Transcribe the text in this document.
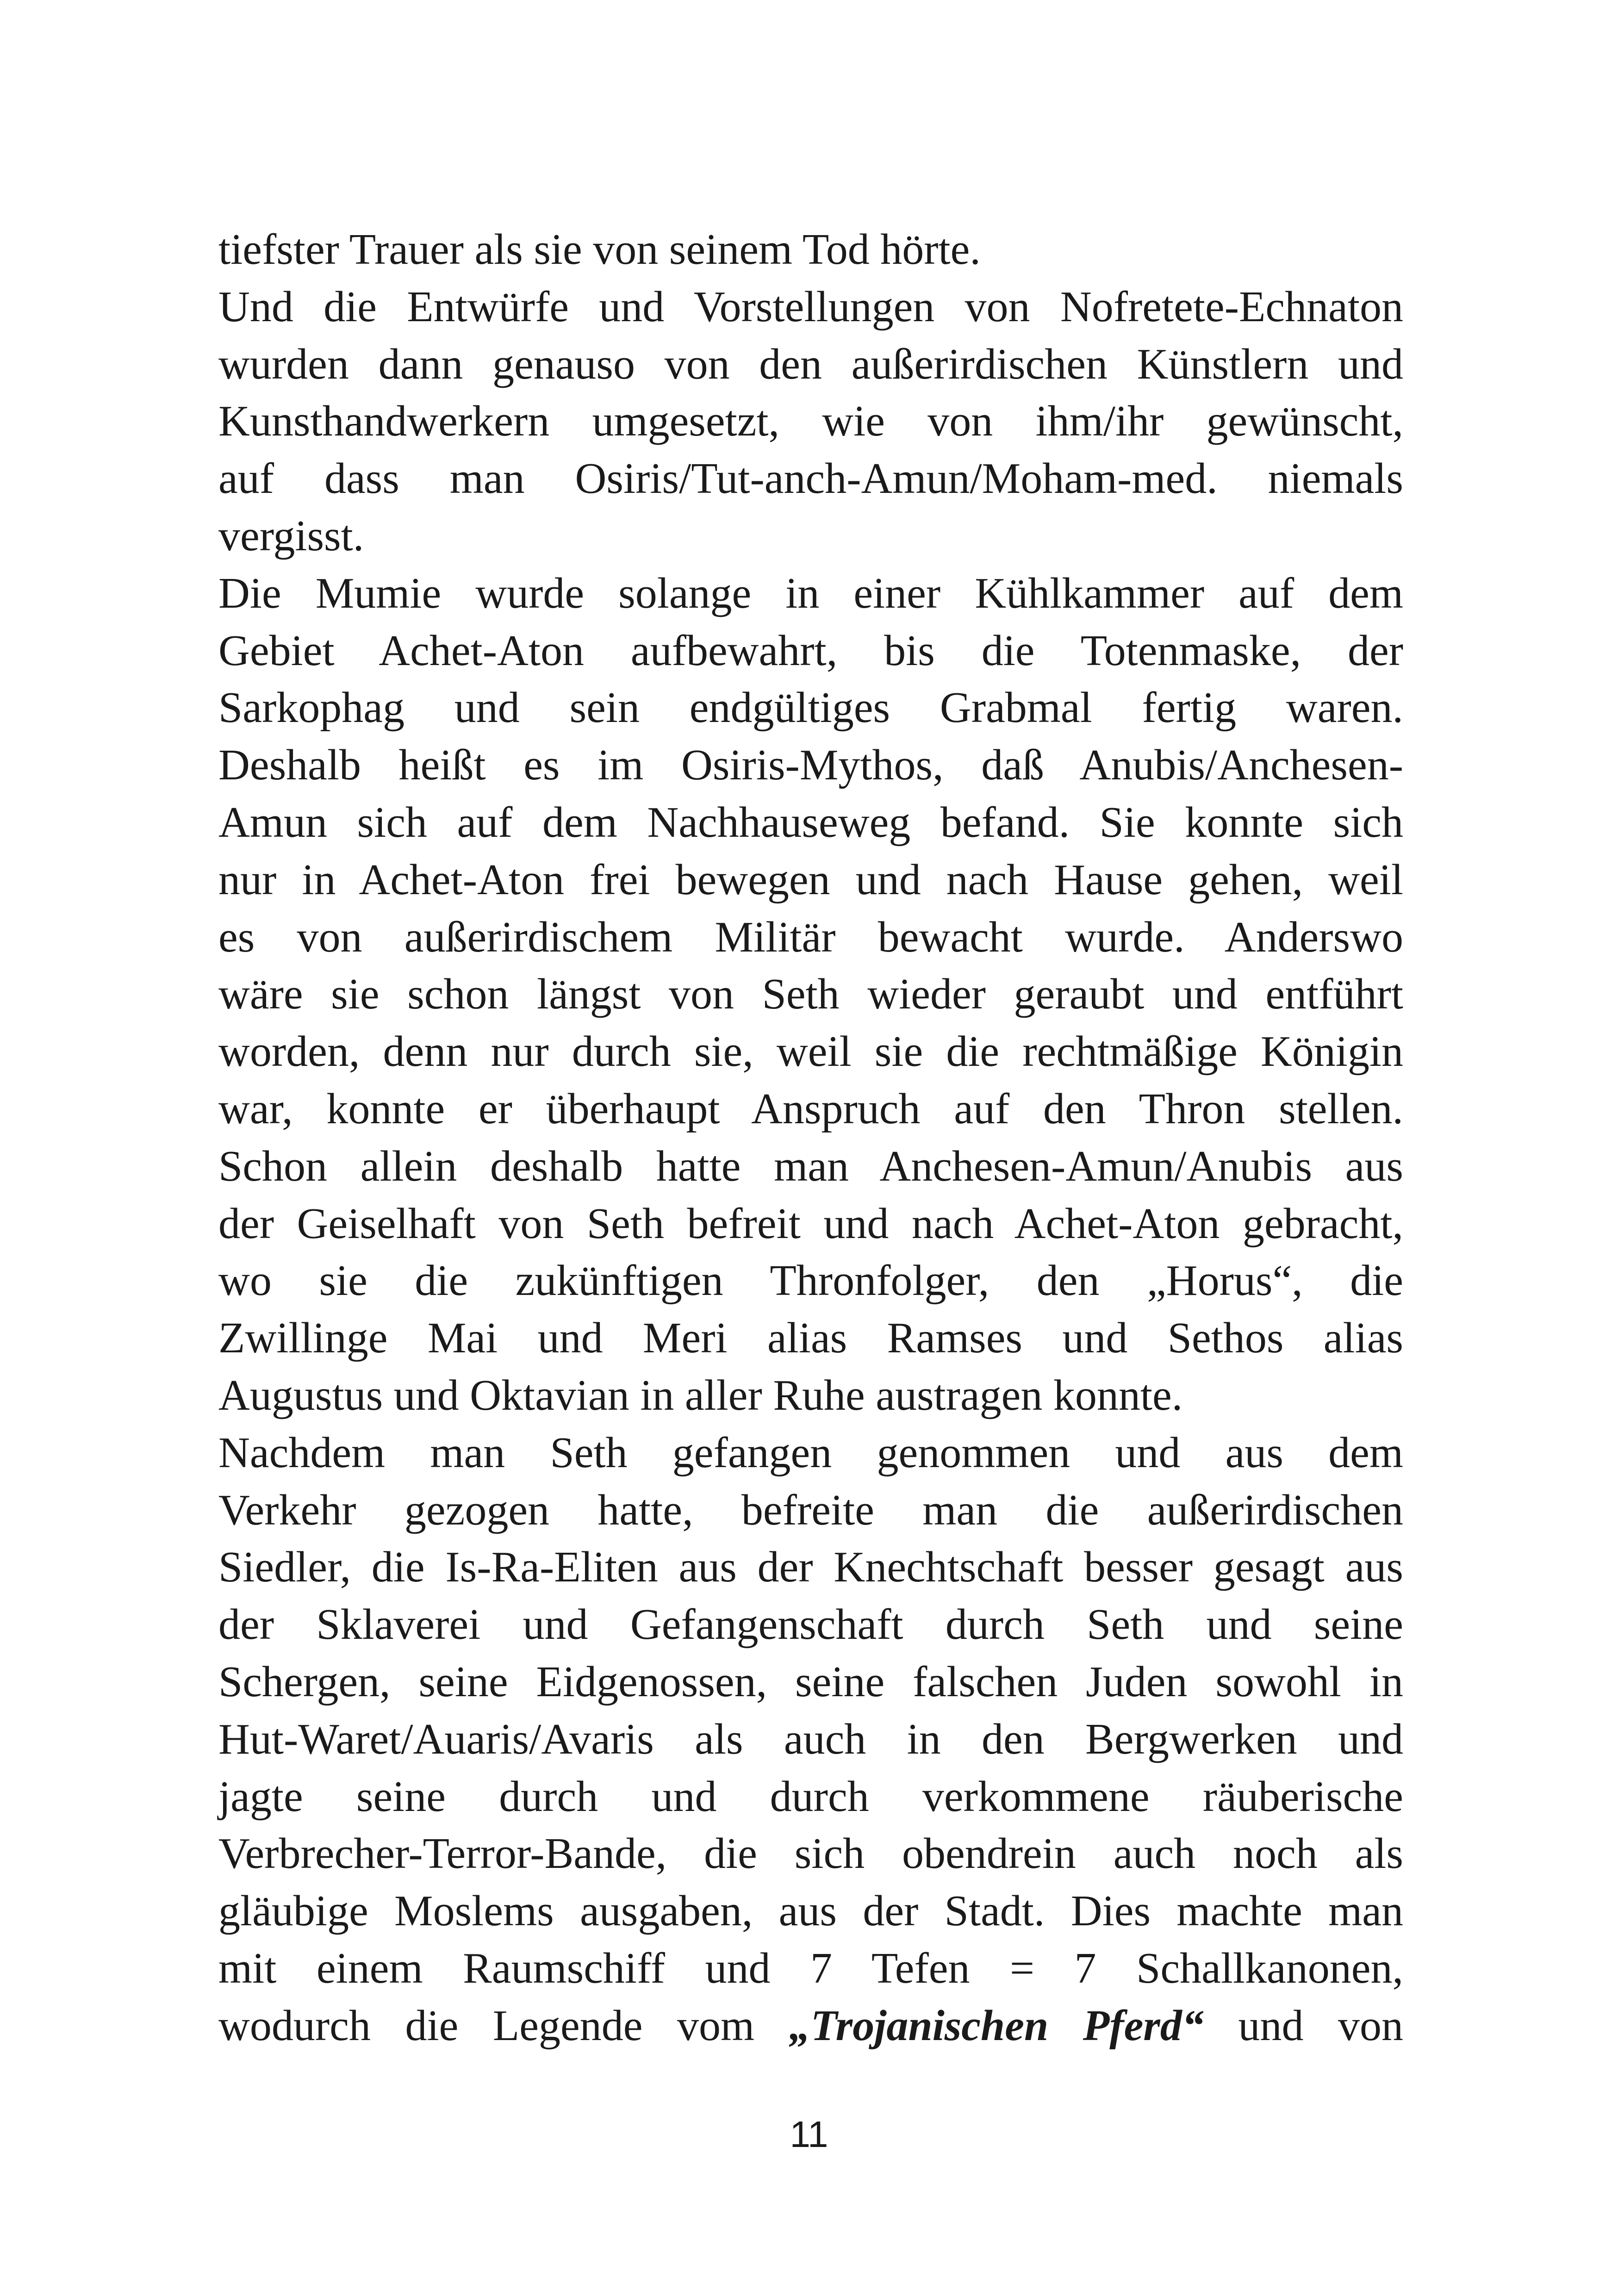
tiefster Trauer als sie von seinem Tod hörte.
Und die Entwürfe und Vorstellungen von Nofretete-Echnaton
wurden dann genauso von den außerirdischen Künstlern und
Kunsthandwerkern umgesetzt, wie von ihm/ihr gewünscht,
auf dass man Osiris/Tut-anch-Amun/Moham-med. niemals
vergisst.
Die Mumie wurde solange in einer Kühlkammer auf dem
Gebiet Achet-Aton aufbewahrt, bis die Totenmaske, der
Sarkophag und sein endgültiges Grabmal fertig waren.
Deshalb heißt es im Osiris-Mythos, daß Anubis/Anchesen-
Amun sich auf dem Nachhauseweg befand. Sie konnte sich
nur in Achet-Aton frei bewegen und nach Hause gehen, weil
es von außerirdischem Militär bewacht wurde. Anderswo
wäre sie schon längst von Seth wieder geraubt und entführt
worden, denn nur durch sie, weil sie die rechtmäßige Königin
war, konnte er überhaupt Anspruch auf den Thron stellen.
Schon allein deshalb hatte man Anchesen-Amun/Anubis aus
der Geiselhaft von Seth befreit und nach Achet-Aton gebracht,
wo sie die zukünftigen Thronfolger, den „Horus“, die
Zwillinge Mai und Meri alias Ramses und Sethos alias
Augustus und Oktavian in aller Ruhe austragen konnte.
Nachdem man Seth gefangen genommen und aus dem
Verkehr gezogen hatte, befreite man die außerirdischen
Siedler, die Is-Ra-Eliten aus der Knechtschaft besser gesagt aus
der Sklaverei und Gefangenschaft durch Seth und seine
Schergen, seine Eidgenossen, seine falschen Juden sowohl in
Hut-Waret/Auaris/Avaris als auch in den Bergwerken und
jagte seine durch und durch verkommene räuberische
Verbrecher-Terror-Bande, die sich obendrein auch noch als
gläubige Moslems ausgaben, aus der Stadt. Dies machte man
mit einem Raumschiff und 7 Tefen = 7 Schallkanonen,
wodurch die Legende vom „Trojanischen Pferd“ und von
11
